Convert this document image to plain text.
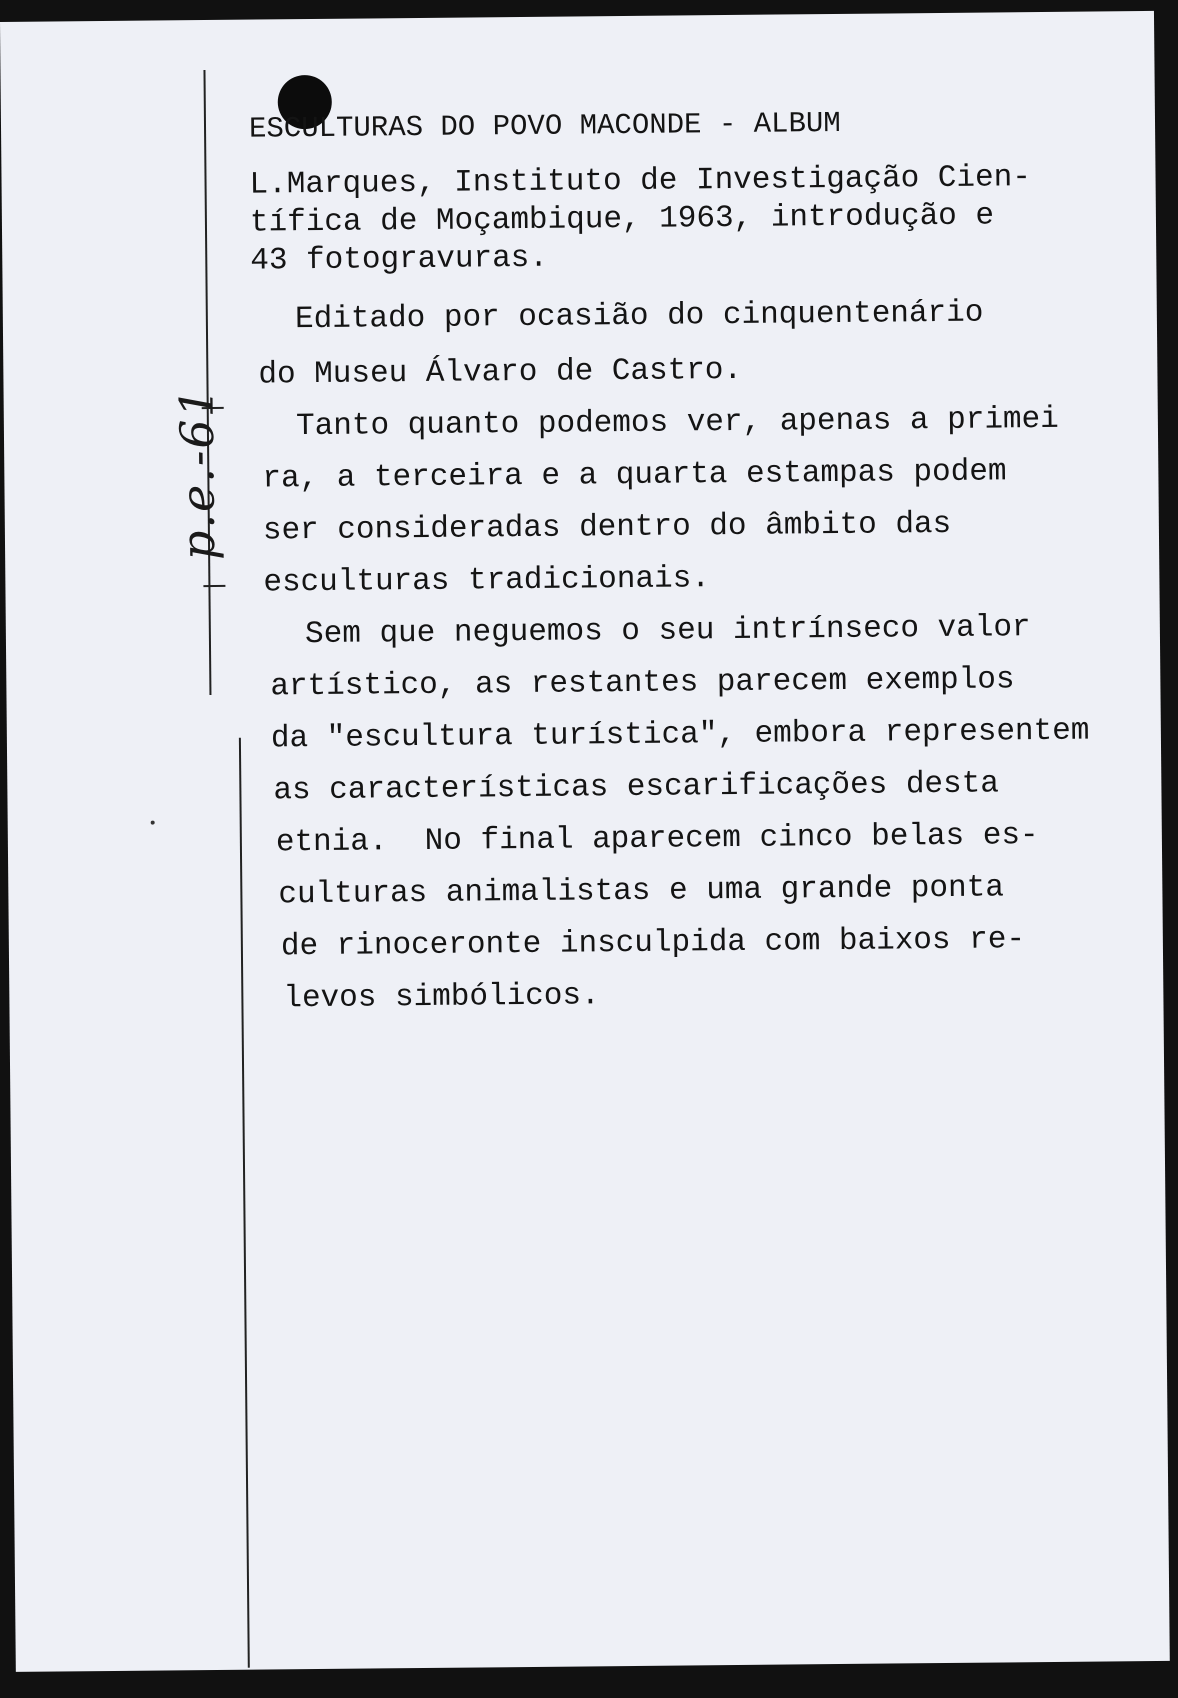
p.e.-61
ESCULTURAS DO POVO MACONDE - ALBUM
L.Marques, Instituto de Investigação Cien-
tífica de Moçambique, 1963, introdução e
43 fotogravuras.
Editado por ocasião do cinquentenário
do Museu Álvaro de Castro.
Tanto quanto podemos ver, apenas a primei
ra, a terceira e a quarta estampas podem
ser consideradas dentro do âmbito das
esculturas tradicionais.
Sem que neguemos o seu intrínseco valor
artístico, as restantes parecem exemplos
da "escultura turística", embora representem
as características escarificações desta
etnia.  No final aparecem cinco belas es-
culturas animalistas e uma grande ponta
de rinoceronte insculpida com baixos re-
levos simbólicos.
